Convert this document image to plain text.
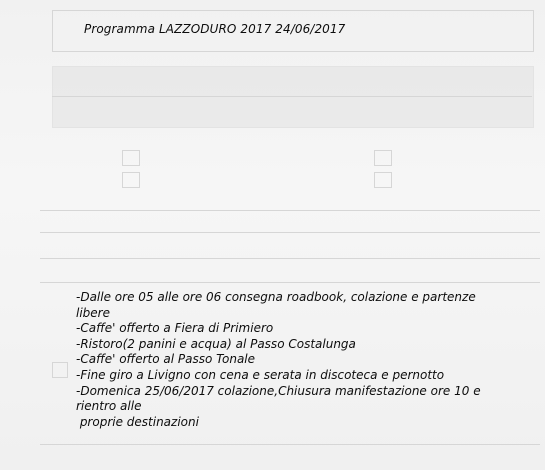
Programma LAZZODURO 2017 24/06/2017
-Dalle ore 05 alle ore 06 consegna roadbook, colazione e partenze
libere
-Caffe' offerto a Fiera di Primiero
-Ristoro(2 panini e acqua) al Passo Costalunga
-Caffe' offerto al Passo Tonale
-Fine giro a Livigno con cena e serata in discoteca e pernotto
-Domenica 25/06/2017 colazione,Chiusura manifestazione ore 10 e
rientro alle
proprie destinazioni
